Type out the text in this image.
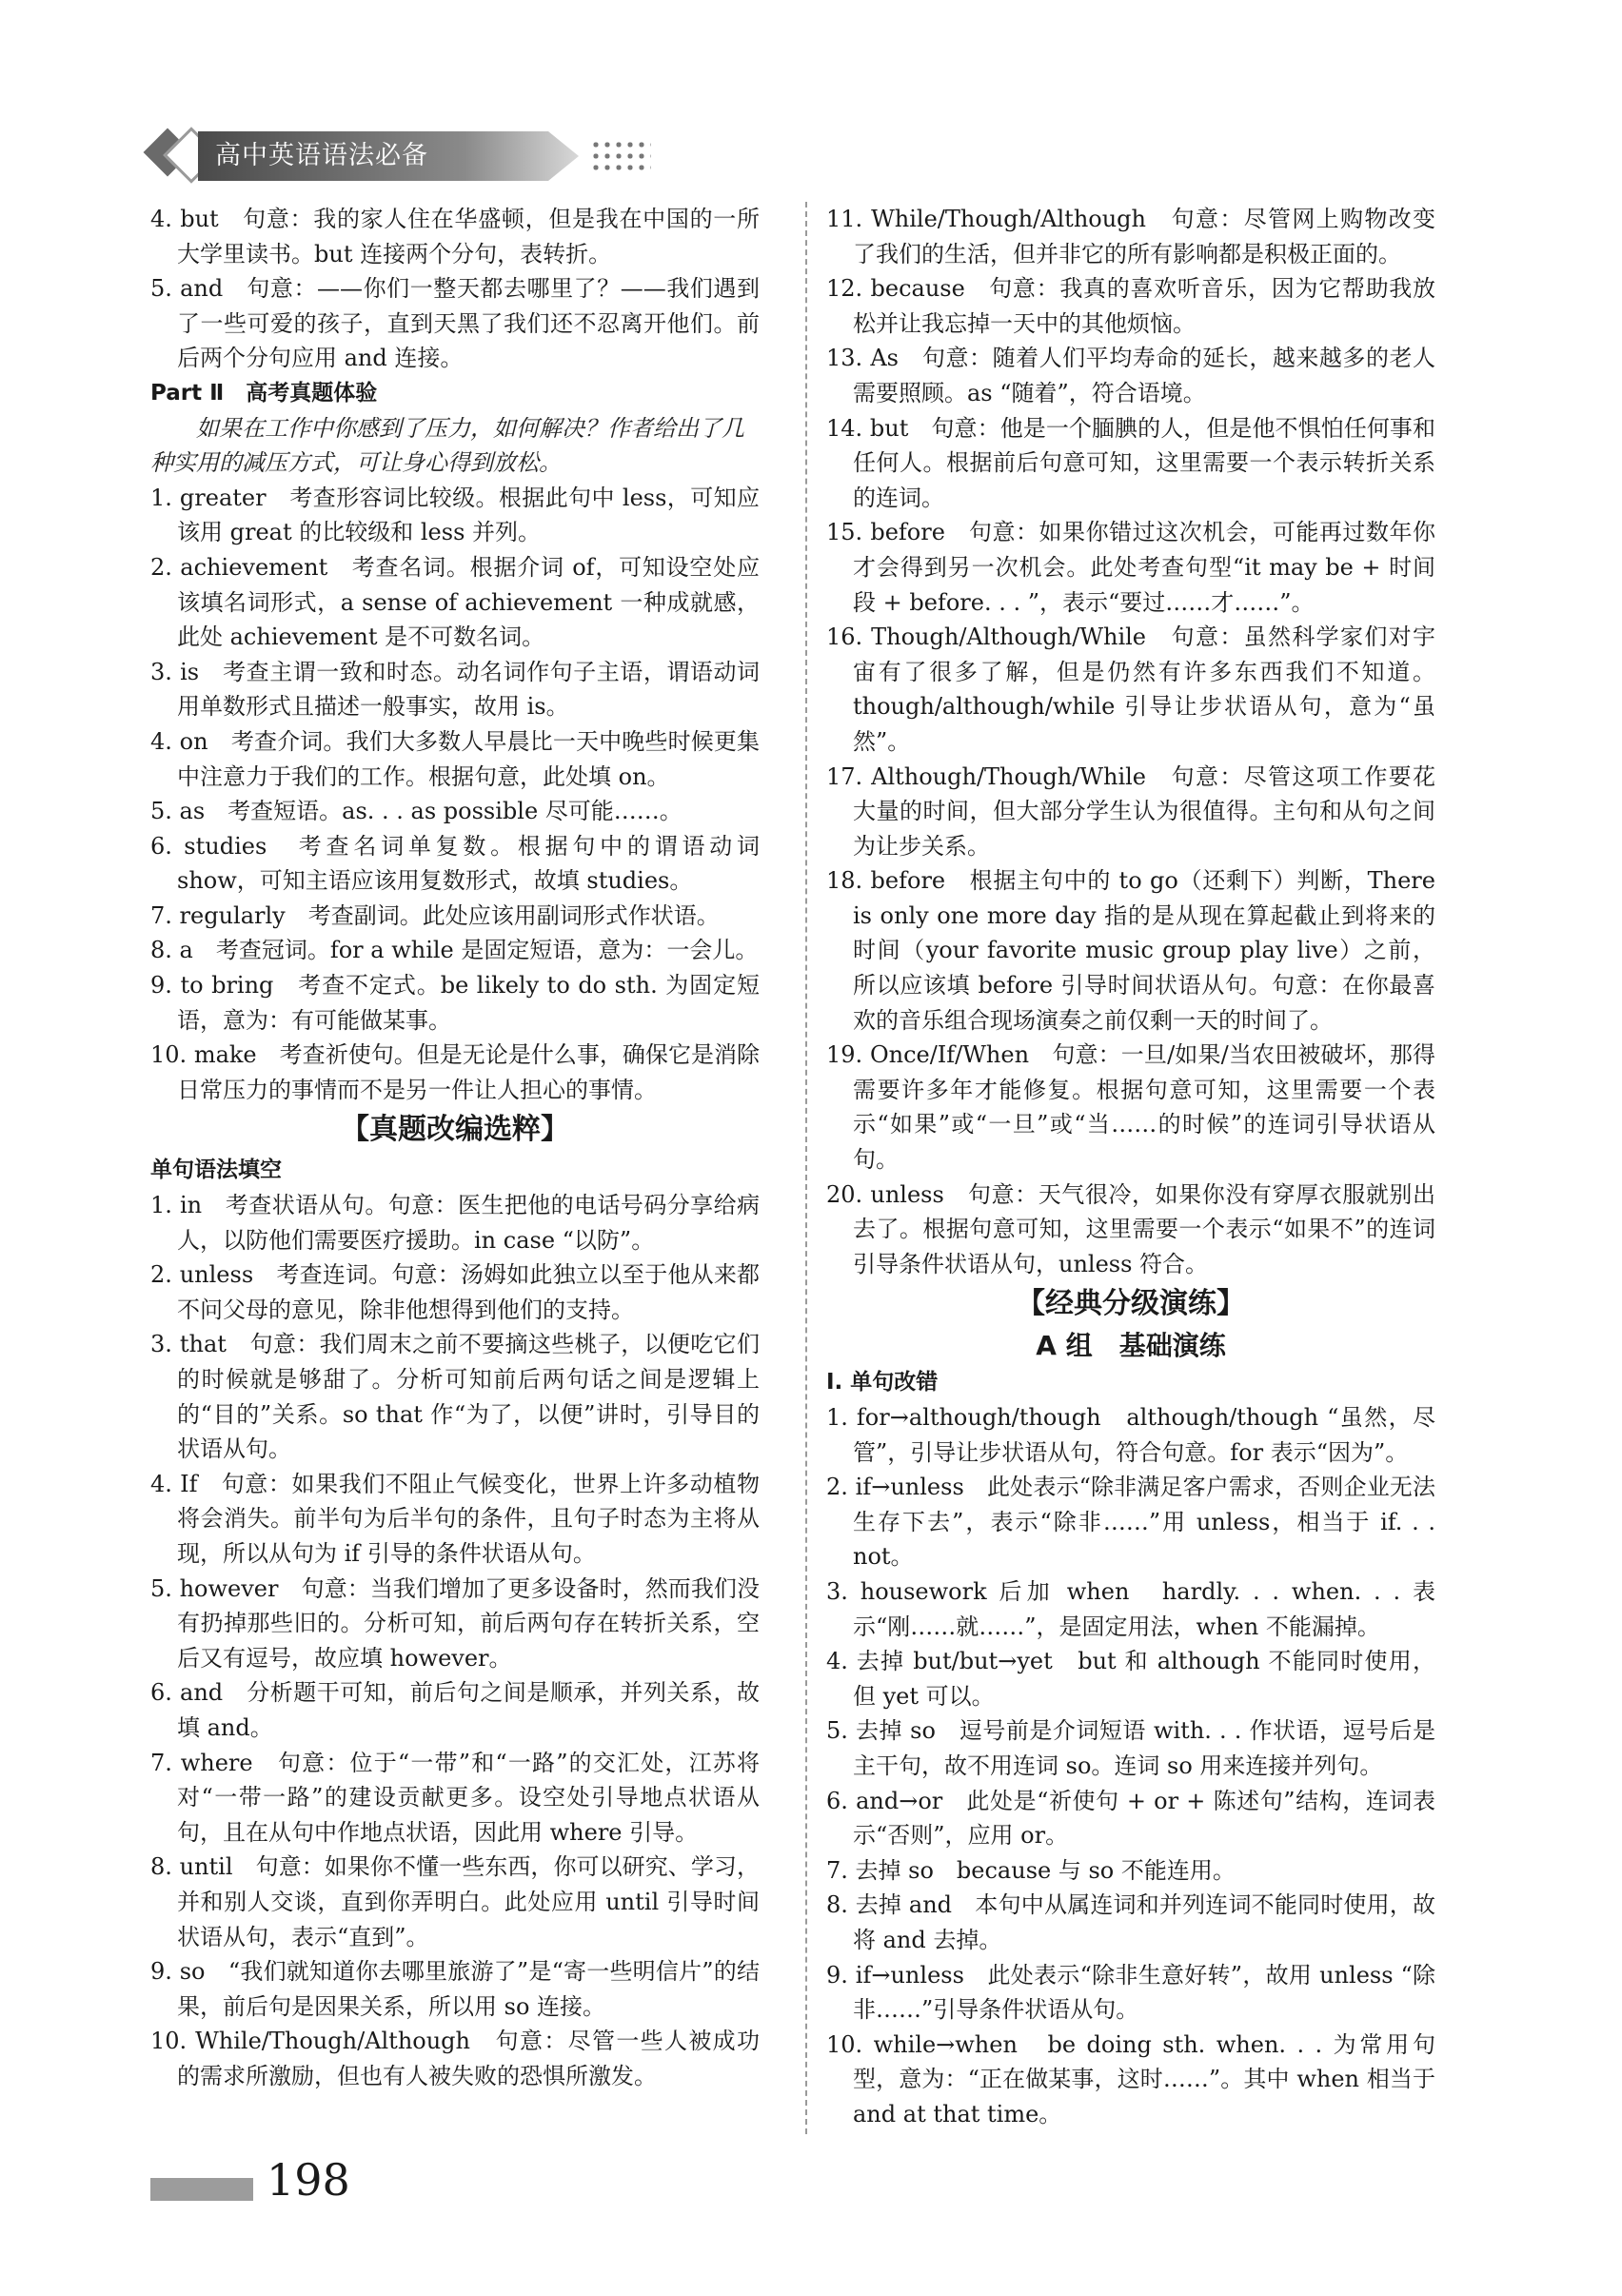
高中英语语法必备
4. but　句意：我的家人住在华盛顿，但是我在中国的一所大学里读书。but 连接两个分句，表转折。
5. and　句意：——你们一整天都去哪里了？——我们遇到了一些可爱的孩子，直到天黑了我们还不忍离开他们。前后两个分句应用 and 连接。
Part Ⅱ　高考真题体验
如果在工作中你感到了压力，如何解决？作者给出了几种实用的减压方式，可让身心得到放松。
1. greater　考查形容词比较级。根据此句中 less，可知应该用 great 的比较级和 less 并列。
2. achievement　考查名词。根据介词 of，可知设空处应该填名词形式，a sense of achievement 一种成就感，此处 achievement 是不可数名词。
3. is　考查主谓一致和时态。动名词作句子主语，谓语动词用单数形式且描述一般事实，故用 is。
4. on　考查介词。我们大多数人早晨比一天中晚些时候更集中注意力于我们的工作。根据句意，此处填 on。
5. as　考查短语。as. . . as possible 尽可能……。
6. studies　考查名词单复数。根据句中的谓语动词 show，可知主语应该用复数形式，故填 studies。
7. regularly　考查副词。此处应该用副词形式作状语。
8. a　考查冠词。for a while 是固定短语，意为：一会儿。
9. to bring　考查不定式。be likely to do sth. 为固定短语，意为：有可能做某事。
10. make　考查祈使句。但是无论是什么事，确保它是消除日常压力的事情而不是另一件让人担心的事情。
【真题改编选粹】
单句语法填空
1. in　考查状语从句。句意：医生把他的电话号码分享给病人，以防他们需要医疗援助。in case “以防”。
2. unless　考查连词。句意：汤姆如此独立以至于他从来都不问父母的意见，除非他想得到他们的支持。
3. that　句意：我们周末之前不要摘这些桃子，以便吃它们的时候就是够甜了。分析可知前后两句话之间是逻辑上的“目的”关系。so that 作“为了，以便”讲时，引导目的状语从句。
4. If　句意：如果我们不阻止气候变化，世界上许多动植物将会消失。前半句为后半句的条件，且句子时态为主将从现，所以从句为 if 引导的条件状语从句。
5. however　句意：当我们增加了更多设备时，然而我们没有扔掉那些旧的。分析可知，前后两句存在转折关系，空后又有逗号，故应填 however。
6. and　分析题干可知，前后句之间是顺承，并列关系，故填 and。
7. where　句意：位于“一带”和“一路”的交汇处，江苏将对“一带一路”的建设贡献更多。设空处引导地点状语从句，且在从句中作地点状语，因此用 where 引导。
8. until　句意：如果你不懂一些东西，你可以研究、学习，并和别人交谈，直到你弄明白。此处应用 until 引导时间状语从句，表示“直到”。
9. so　“我们就知道你去哪里旅游了”是“寄一些明信片”的结果，前后句是因果关系，所以用 so 连接。
10. While/Though/Although　句意：尽管一些人被成功的需求所激励，但也有人被失败的恐惧所激发。
11. While/Though/Although　句意：尽管网上购物改变了我们的生活，但并非它的所有影响都是积极正面的。
12. because　句意：我真的喜欢听音乐，因为它帮助我放松并让我忘掉一天中的其他烦恼。
13. As　句意：随着人们平均寿命的延长，越来越多的老人需要照顾。as “随着”，符合语境。
14. but　句意：他是一个腼腆的人，但是他不惧怕任何事和任何人。根据前后句意可知，这里需要一个表示转折关系的连词。
15. before　句意：如果你错过这次机会，可能再过数年你才会得到另一次机会。此处考查句型“it may be + 时间段 + before. . . ”，表示“要过……才……”。
16. Though/Although/While　句意：虽然科学家们对宇宙有了很多了解，但是仍然有许多东西我们不知道。though/although/while 引导让步状语从句，意为“虽然”。
17. Although/Though/While　句意：尽管这项工作要花大量的时间，但大部分学生认为很值得。主句和从句之间为让步关系。
18. before　根据主句中的 to go（还剩下）判断，There is only one more day 指的是从现在算起截止到将来的时间（your favorite music group play live）之前，所以应该填 before 引导时间状语从句。句意：在你最喜欢的音乐组合现场演奏之前仅剩一天的时间了。
19. Once/If/When　句意：一旦/如果/当农田被破坏，那得需要许多年才能修复。根据句意可知，这里需要一个表示“如果”或“一旦”或“当……的时候”的连词引导状语从句。
20. unless　句意：天气很冷，如果你没有穿厚衣服就别出去了。根据句意可知，这里需要一个表示“如果不”的连词引导条件状语从句，unless 符合。
【经典分级演练】
A 组　基础演练
Ⅰ. 单句改错
1. for→although/though　although/though “虽然，尽管”，引导让步状语从句，符合句意。for 表示“因为”。
2. if→unless　此处表示“除非满足客户需求，否则企业无法生存下去”，表示“除非……”用 unless，相当于 if. . . not。
3. housework 后加 when　hardly. . . when. . . 表示“刚……就……”，是固定用法，when 不能漏掉。
4. 去掉 but/but→yet　but 和 although 不能同时使用，但 yet 可以。
5. 去掉 so　逗号前是介词短语 with. . . 作状语，逗号后是主干句，故不用连词 so。连词 so 用来连接并列句。
6. and→or　此处是“祈使句 + or + 陈述句”结构，连词表示“否则”，应用 or。
7. 去掉 so　because 与 so 不能连用。
8. 去掉 and　本句中从属连词和并列连词不能同时使用，故将 and 去掉。
9. if→unless　此处表示“除非生意好转”，故用 unless “除非……”引导条件状语从句。
10. while→when　be doing sth. when. . . 为常用句型，意为：“正在做某事，这时……”。其中 when 相当于 and at that time。
198
